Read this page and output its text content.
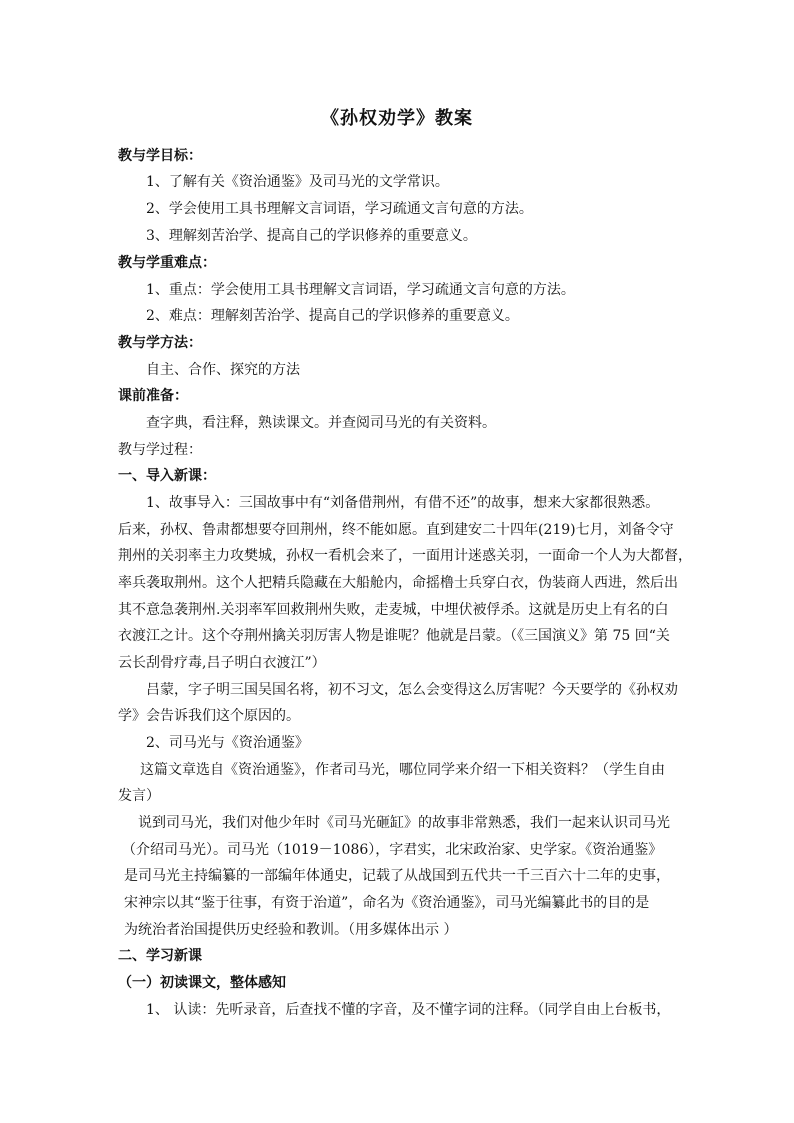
《孙权劝学》教案
教与学目标：
1、了解有关《资治通鉴》及司马光的文学常识。
2、学会使用工具书理解文言词语，学习疏通文言句意的方法。
3、理解刻苦治学、提高自己的学识修养的重要意义。
教与学重难点：
1、重点：学会使用工具书理解文言词语，学习疏通文言句意的方法。
2、难点：理解刻苦治学、提高自己的学识修养的重要意义。
教与学方法：
自主、合作、探究的方法
课前准备：
查字典，看注释，熟读课文。并查阅司马光的有关资料。
教与学过程：
一、导入新课：
1、故事导入：三国故事中有“刘备借荆州，有借不还”的故事，想来大家都很熟悉。
后来，孙权、鲁肃都想要夺回荆州，终不能如愿。直到建安二十四年(219)七月，刘备令守
荆州的关羽率主力攻樊城，孙权一看机会来了，一面用计迷惑关羽，一面命一个人为大都督，
率兵袭取荆州。这个人把精兵隐藏在大船舱内，命摇橹士兵穿白衣，伪装商人西进，然后出
其不意急袭荆州.关羽率军回救荆州失败，走麦城，中埋伏被俘杀。这就是历史上有名的白
衣渡江之计。这个夺荆州擒关羽厉害人物是谁呢？他就是吕蒙。（《三国演义》第 75 回“关
云长刮骨疗毒,吕子明白衣渡江”）
吕蒙，字子明三国吴国名将，初不习文，怎么会变得这么厉害呢？今天要学的《孙权劝
学》会告诉我们这个原因的。
2、司马光与《资治通鉴》
这篇文章选自《资治通鉴》，作者司马光，哪位同学来介绍一下相关资料？（学生自由
发言）
说到司马光，我们对他少年时《司马光砸缸》的故事非常熟悉，我们一起来认识司马光
（介绍司马光）。司马光（1019－1086），字君实，北宋政治家、史学家。《资治通鉴》
是司马光主持编纂的一部编年体通史，记载了从战国到五代共一千三百六十二年的史事，
宋神宗以其“鉴于往事，有资于治道”，命名为《资治通鉴》，司马光编纂此书的目的是
为统治者治国提供历史经验和教训。（用多媒体出示 ）
二、学习新课
（一）初读课文，整体感知
1、 认读：先听录音，后查找不懂的字音，及不懂字词的注释。（同学自由上台板书，
